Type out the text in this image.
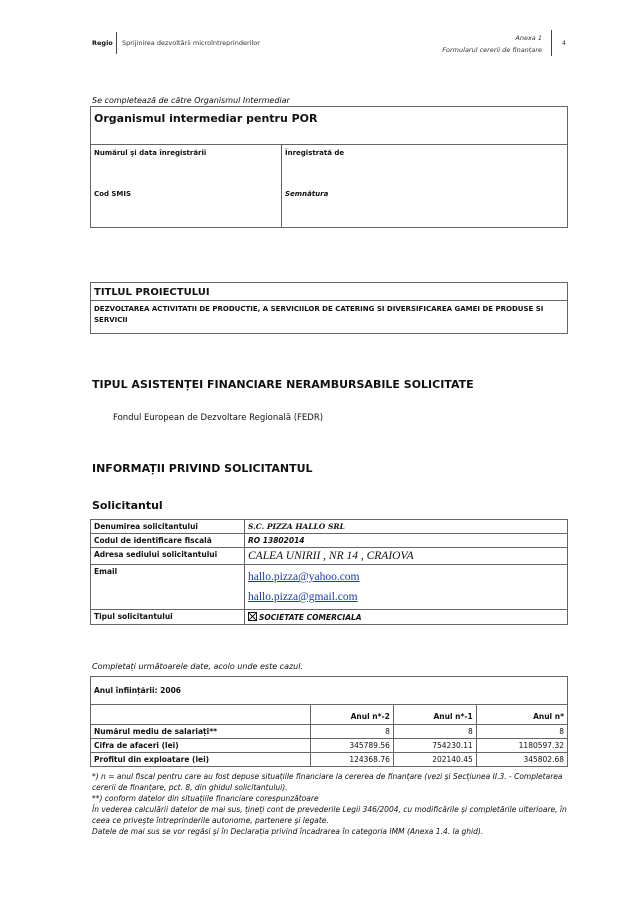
Regio Sprijinirea dezvoltării microîntreprinderilor
Anexa 1
Formularul cererii de finanțare
4
Se completează de către Organismul Intermediar
Organismul intermediar pentru POR
Numărul şi data înregistrării	Înregistrată de
Cod SMIS	Semnătura
TITLUL PROIECTULUI
DEZVOLTAREA ACTIVITATII DE PRODUCTIE, A SERVICIILOR DE CATERING SI DIVERSIFICAREA GAMEI DE PRODUSE SI SERVICII
TIPUL ASISTENȚEI FINANCIARE NERAMBURSABILE SOLICITATE
Fondul European de Dezvoltare Regională (FEDR)
INFORMAȚII PRIVIND SOLICITANTUL
Solicitantul
Denumirea solicitantului	S.C. PIZZA HALLO SRL
Codul de identificare fiscală	RO 13802014
Adresa sediului solicitantului	CALEA UNIRII , NR 14 , CRAIOVA
Email	hallo.pizza@yahoo.com
hallo.pizza@gmail.com

Tipul solicitantului	SOCIETATE COMERCIALA
Completați următoarele date, acolo unde este cazul.
Anul înființării: 2006			
	Anul n*-2	Anul n*-1	Anul n*
Numărul mediu de salariați**	8	8	8
Cifra de afaceri (lei)	345789.56	754230.11	1180597.32
Profitul din exploatare (lei)	124368.76	202140.45	345802.68

*) n = anul fiscal pentru care au fost depuse situațiile financiare la cererea de finanțare (vezi şi Secțiunea II.3. - Completarea cererii de finanțare, pct. 8, din ghidul solicitantului).

**) conform datelor din situațiile financiare corespunzătoare

În vederea calculării datelor de mai sus, țineți cont de prevederile Legii 346/2004, cu modificările şi completările ulterioare, în ceea ce priveşte întreprinderile autonome, partenere şi legate.

Datele de mai sus se vor regăsi şi în Declarația privind încadrarea în categoria IMM (Anexa 1.4. la ghid).
